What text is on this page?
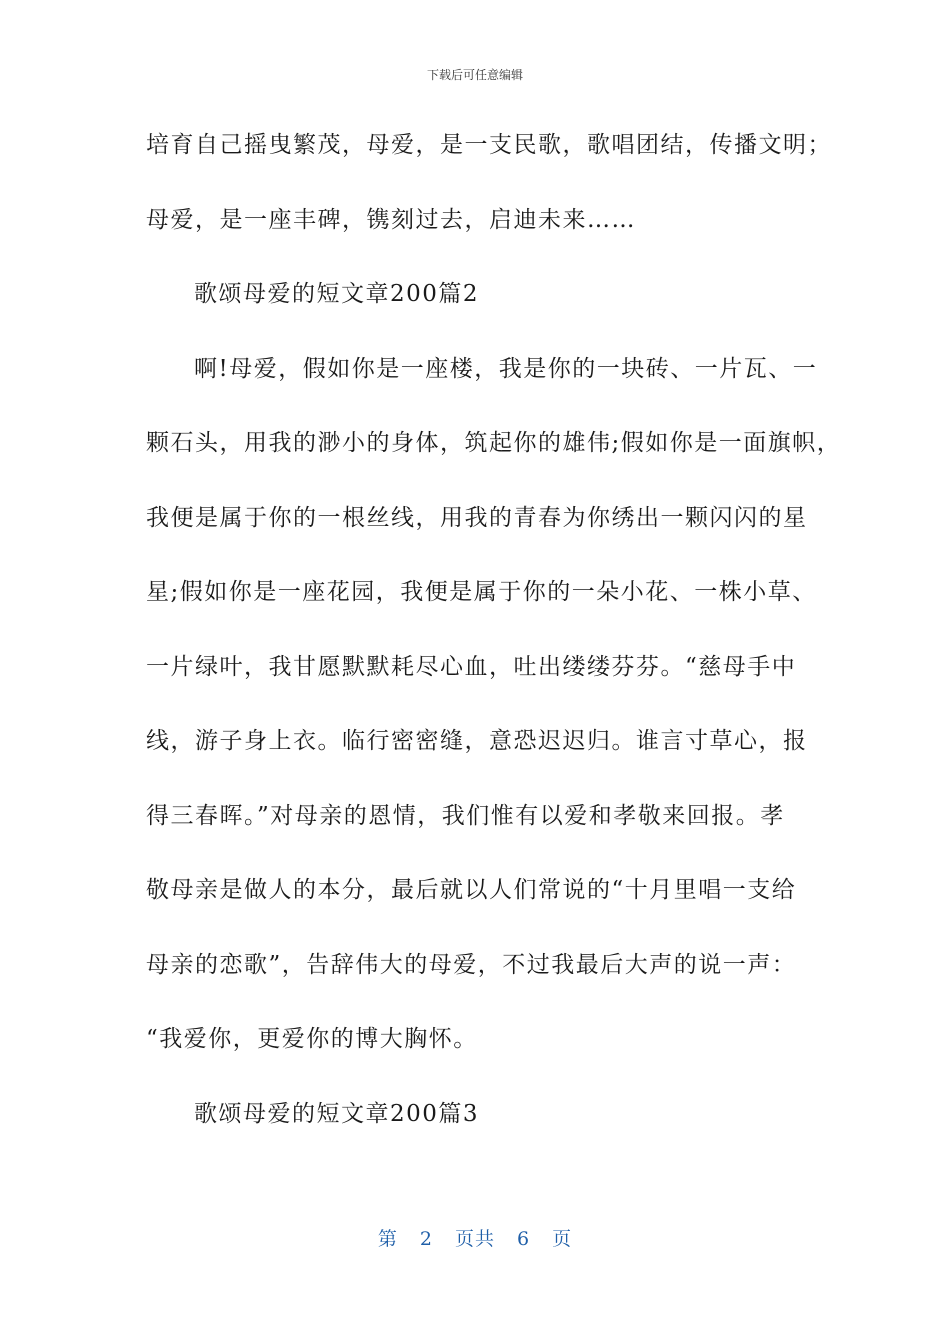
下载后可任意编辑
培育自己摇曳繁茂，母爱，是一支民歌，歌唱团结，传播文明；
母爱，是一座丰碑，镌刻过去，启迪未来……
歌颂母爱的短文章200篇2
啊!母爱，假如你是一座楼，我是你的一块砖、一片瓦、一
颗石头，用我的渺小的身体，筑起你的雄伟;假如你是一面旗帜，
我便是属于你的一根丝线，用我的青春为你绣出一颗闪闪的星
星;假如你是一座花园，我便是属于你的一朵小花、一株小草、
一片绿叶，我甘愿默默耗尽心血，吐出缕缕芬芬。“慈母手中
线，游子身上衣。临行密密缝，意恐迟迟归。谁言寸草心，报
得三春晖。”对母亲的恩情，我们惟有以爱和孝敬来回报。孝
敬母亲是做人的本分，最后就以人们常说的“十月里唱一支给
母亲的恋歌”，告辞伟大的母爱，不过我最后大声的说一声：
“我爱你，更爱你的博大胸怀。
歌颂母爱的短文章200篇3
第 2 页共 6 页
